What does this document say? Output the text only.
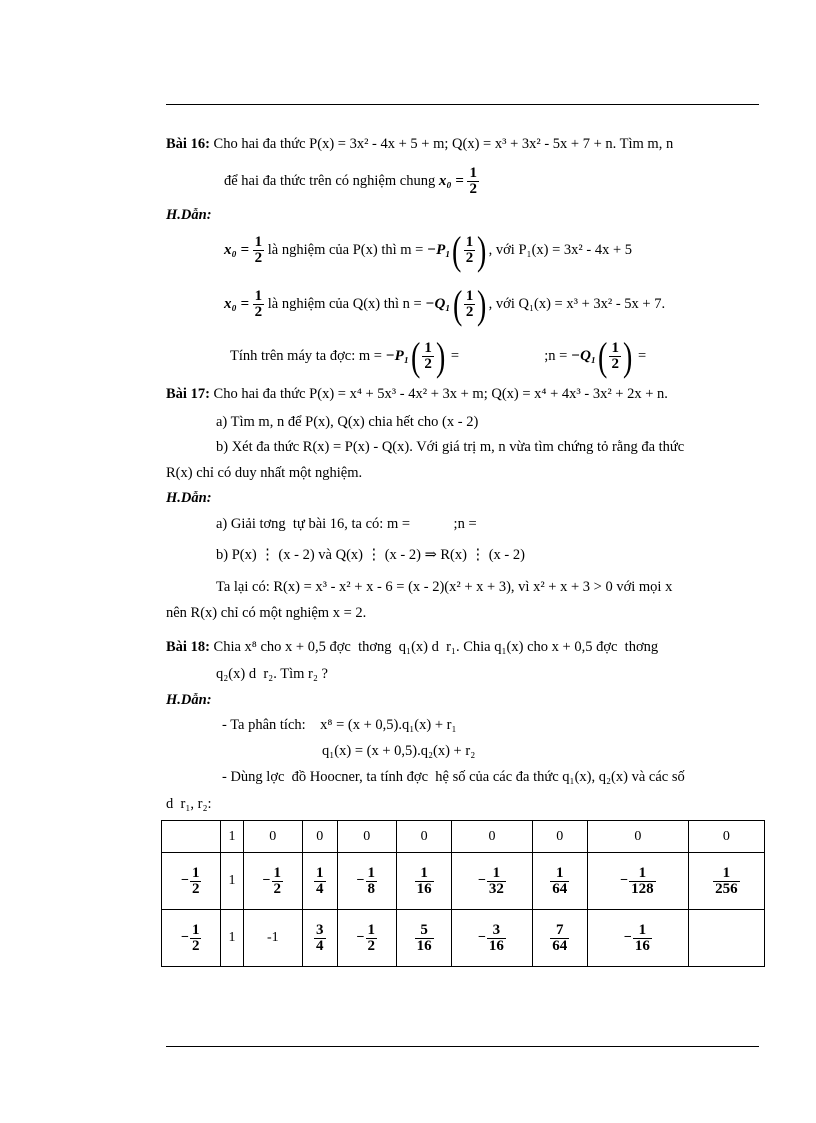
Bài 16: Cho hai đa thức P(x) = 3x² - 4x + 5 + m; Q(x) = x³ + 3x² - 5x + 7 + n. Tìm m, n
để hai đa thức trên có nghiệm chung $x_0 = \frac{1}{2}$
H.Dẫn:
$x_0 = \frac{1}{2}$ là nghiệm của P(x) thì $m = -P_1( \frac{1}{2}$ ) , với P₁(x) = 3x² - 4x + 5
$x_0 = \frac{1}{2}$ là nghiệm của Q(x) thì $n = -Q_1( \frac{1}{2}$ ) , với Q₁(x) = x³ + 3x² - 5x + 7.
Tính trên máy ta đợc: $m = -P_1( \frac{1}{2}$ ) =	;n = $-Q_1( \frac{1}{2}$ ) =
Bài 17: Cho hai đa thức P(x) = x⁴ + 5x³ - 4x² + 3x + m; Q(x) = x⁴ + 4x³ - 3x² + 2x + n.
a) Tìm m, n để P(x), Q(x) chia hết cho (x - 2)
b) Xét đa thức R(x) = P(x) - Q(x). Với giá trị m, n vừa tìm chứng tỏ rằng đa thức
R(x) chỉ có duy nhất một nghiệm.
H.Dẫn:
a) Giải tơng  tự bài 16, ta có: m =            ;n =
b) P(x) ⋮ (x - 2) và Q(x) ⋮ (x - 2) ⇒ R(x) ⋮ (x - 2)
Ta lại có: R(x) = x³ - x² + x - 6 = (x - 2)(x² + x + 3), vì x² + x + 3 > 0 với mọi x
nên R(x) chỉ có một nghiệm x = 2.
Bài 18: Chia x⁸ cho x + 0,5 đợc  thơng  q₁(x) d  r₁. Chia q₁(x) cho x + 0,5 đợc  thơng
q₂(x) d  r₂. Tìm r₂ ?
H.Dẫn:
- Ta phân tích:    x⁸ = (x + 0,5).q₁(x) + r₁
q₁(x) = (x + 0,5).q₂(x) + r₂
- Dùng lợc  đồ Hoocner, ta tính đợc  hệ số của các đa thức q₁(x), q₂(x) và các số
d  r₁, r₂:
	1	0	0	0	0	0	0	0	0
− $\frac{1}{2}$	1	− $\frac{1}{2}$	$\frac{1}{4}$	− $\frac{1}{8}$	$\frac{1}{16}$	− $\frac{1}{32}$	$\frac{1}{64}$	− $\frac{1}{128}$	$\frac{1}{256}$

− $\frac{1}{2}$	1	-1	$\frac{3}{4}$	− $\frac{1}{2}$	$\frac{5}{16}$	− $\frac{3}{16}$	$\frac{7}{64}$	− $\frac{1}{16}$
